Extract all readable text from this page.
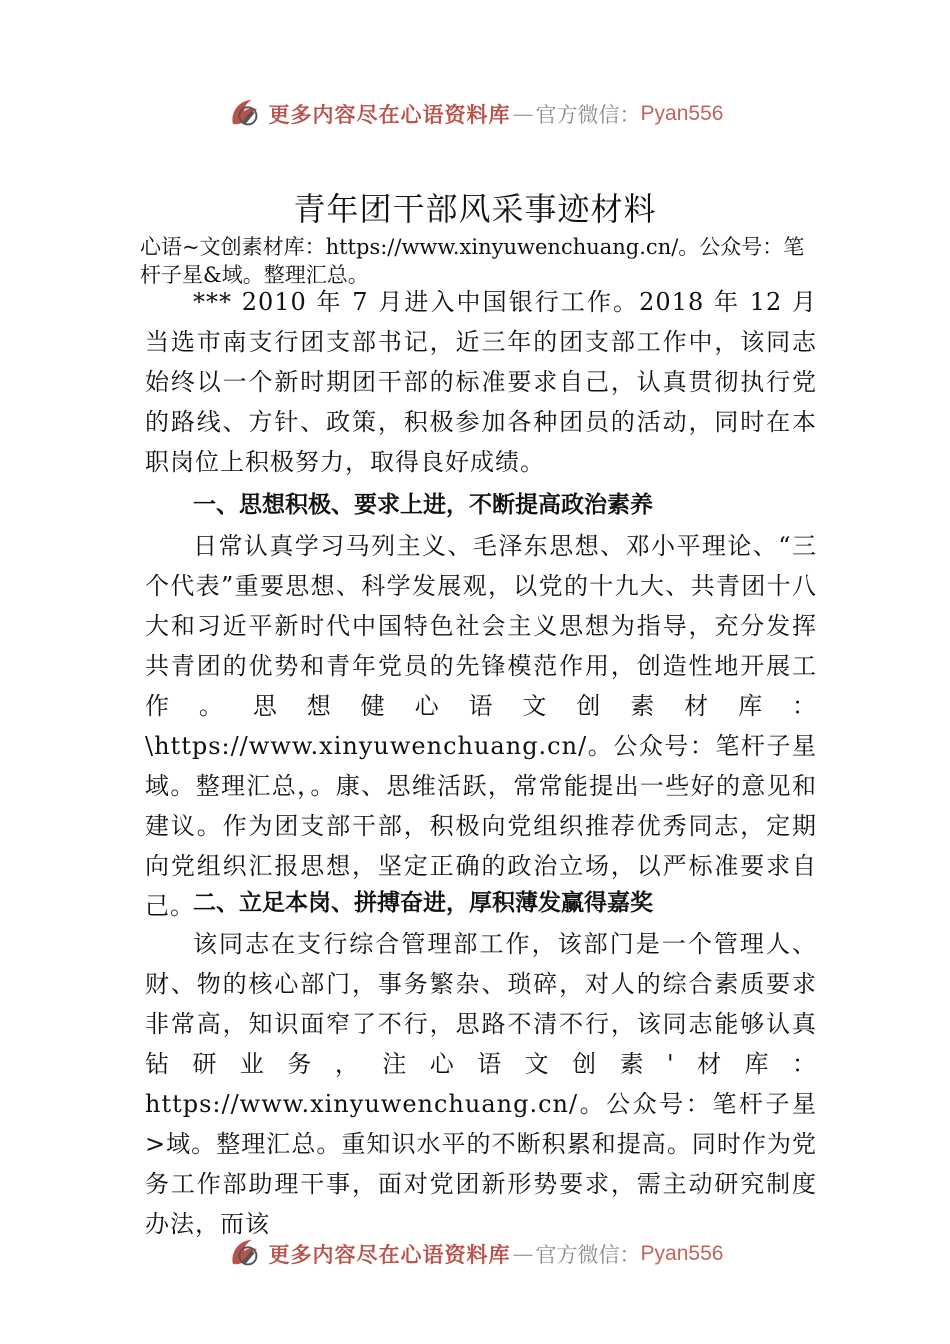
更多内容尽在心语资料库 — 官方微信： Pyan556
青年团干部风采事迹材料
心语~文创素材库：https://www.xinyuwenchuang.cn/。公众号：笔杆子星&域。整理汇总。
*** 2010 年 7 月进入中国银行工作。2018 年 12 月当选市南支行团支部书记，近三年的团支部工作中，该同志始终以一个新时期团干部的标准要求自己，认真贯彻执行党的路线、方针、政策，积极参加各种团员的活动，同时在本职岗位上积极努力，取得良好成绩。
一、思想积极、要求上进，不断提高政治素养
日常认真学习马列主义、毛泽东思想、邓小平理论、“三个代表”重要思想、科学发展观，以党的十九大、共青团十八大和习近平新时代中国特色社会主义思想为指导，充分发挥共青团的优势和青年党员的先锋模范作用，创造性地开展工作。思想健心语文创素材库：\https://www.xinyuwenchuang.cn/。公众号：笔杆子星域。整理汇总，。康、思维活跃，常常能提出一些好的意见和建议。作为团支部干部，积极向党组织推荐优秀同志，定期向党组织汇报思想，坚定正确的政治立场，以严标准要求自己。
二、立足本岗、拼搏奋进，厚积薄发赢得嘉奖
该同志在支行综合管理部工作，该部门是一个管理人、财、物的核心部门，事务繁杂、琐碎，对人的综合素质要求非常高，知识面窄了不行，思路不清不行，该同志能够认真钻研业务，注心语文创素'材库：https://www.xinyuwenchuang.cn/。公众号：笔杆子星>域。整理汇总。重知识水平的不断积累和提高。同时作为党务工作部助理干事，面对党团新形势要求，需主动研究制度办法，而该
更多内容尽在心语资料库 — 官方微信： Pyan556
